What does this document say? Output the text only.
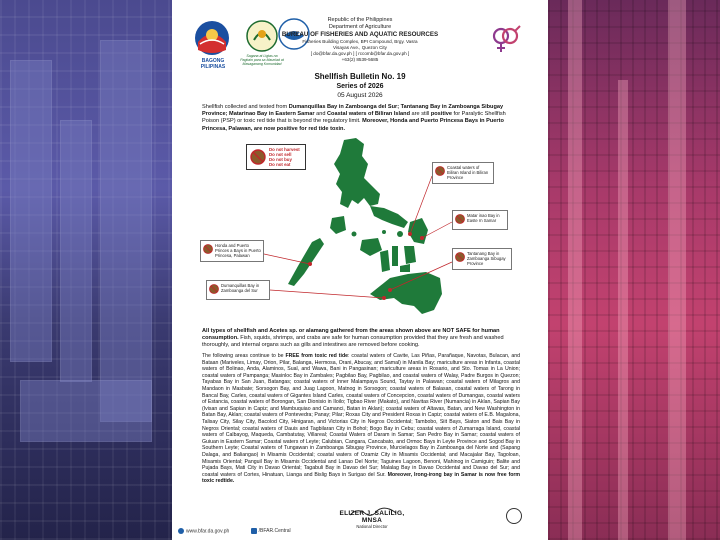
BAGONG PILIPINAS
Sagana at Ligtas na Pagkain para sa Maunlad at Masaganang Komunidad
Republic of the Philippines
Department of Agriculture
BUREAU OF FISHERIES AND AQUATIC RESOURCES
Fisheries Building Complex, BPI Compound, Brgy. Vasra
Visayas Ave., Quezon City
[ do@bfar.da.gov.ph ] [ rccomb@bfar.da.gov.ph ]
+63(2) 8539-5685
Shellfish Bulletin No. 19
Series of 2026
05 August 2026
Shellfish collected and tested from Dumanquillas Bay in Zamboanga del Sur; Tantanang Bay in Zamboanga Sibugay Province; Matarinao Bay in Eastern Samar and Coastal waters of Biliran Island are still positive for Paralytic Shellfish Poison (PSP) or toxic red tide that is beyond the regulatory limit. Moreover, Honda and Puerto Princesa Bays in Puerto Princesa, Palawan, are now positive for red tide toxin.
Do not harvest
Do not sell
Do not buy
Do not eat
Coastal waters of Biliran Island in Biliran Province
Matar inao Bay in Easte rn Samar
Tantanang Bay in Zamboanga Sibugay Province
Honda and Puerto Princes a Bays in Puerto Princesa, Palawan
Dumanquillas Bay in Zamboanga del Sur
All types of shellfish and Acetes sp. or alamang gathered from the areas shown above are NOT SAFE for human consumption. Fish, squids, shrimps, and crabs are safe for human consumption provided that they are fresh and washed thoroughly, and internal organs such as gills and intestines are removed before cooking.
The following areas continue to be FREE from toxic red tide: coastal waters of Cavite, Las Piñas, Parañaque, Navotas, Bulacan, and Bataan (Mariveles, Limay, Orion, Pilar, Balanga, Hermosa, Orani, Abucay, and Samal) in Manila Bay; mariculture areas in Infanta, coastal waters of Bolinao, Anda, Alaminos, Sual, and Wawa, Bani in Pangasinan; mariculture areas in Rosario, and Sto. Tomas in La Union; coastal waters of Pampanga; Masinloc Bay in Zambales; Pagbilao Bay, Pagbilao, and coastal waters of Walay, Padre Burgos in Quezon; Tayabas Bay in San Juan, Batangas; coastal waters of Inner Malampaya Sound, Taytay in Palawan; coastal waters of Milagros and Mandaon in Masbate; Sorsogon Bay, and Juag Lagoon, Matnog in Sorsogon; coastal waters of Balasan, coastal waters of Tarong in Bancal Bay, Carles, coastal waters of Gigantes Island Carles, coastal waters of Concepcion, coastal waters of Dumangas, coastal waters of Estancia, coastal waters of Borongan, San Dionisio in Iloilo; Tigbao River (Makato), and Navitas River (Numancia) in Aklan, Sapian Bay (Ivisan and Sapian in Capiz; and Mambuquiao and Camanci, Batan in Aklan); coastal waters of Altavas, Batan, and New Washington in Batan Bay, Aklan; coastal waters of Pontevedra; Panay; Pilar; Roxas City and President Roxas in Capiz; coastal waters of E.B. Magalona, Talisay City, Silay City, Bacolod City, Hinigaran, and Victorias City in Negros Occidental; Tambobo, Siit Bays, Siaton and Bais Bay in Negros Oriental; coastal waters of Dauis and Tagbilaran City in Bohol; Bogo Bay in Cebu; coastal waters of Zumarraga Island, coastal waters of Calbayog, Maqueda, Cambatutay, Villareal; Coastal Waters of Daram in Samar; San Pedro Bay in Samar; coastal waters of Guiuan in Eastern Samar; Coastal waters of Leyte; Calubian, Cangara, Cancabato, and Ormoc Bays in Leyte Province and Sogod Bay in Southern Leyte; Coastal waters of Tungawan in Zamboanga Sibugay Province, Murcielagos Bay in Zamboanga del Norte and (Sapang Dalaga, and Baliangao) in Misamis Occidental; coastal waters of Ozamiz City in Misamis Occidental; and Macajalar Bay, Tagoloan, Misamis Oriental; Panguil Bay in Misamis Occidental and Lanao Del Norte; Taguines Lagoon, Benoni, Mahinog in Camiguin; Balite and Pujada Bays, Mati City in Davao Oriental; Tagabuli Bay in Davao del Sur; Malalag Bay in Davao Occidental and Davao del Sur; and coastal waters of Cortes, Hinatuan, Lianga and Bislig Bays in Surigao del Sur. Moreover, Irong-irong bay in Samar is now free form toxic redtide.
ELIZER J. SALILIG, MNSA
National Director
www.bfar.da.gov.ph	/BFAR.Central
